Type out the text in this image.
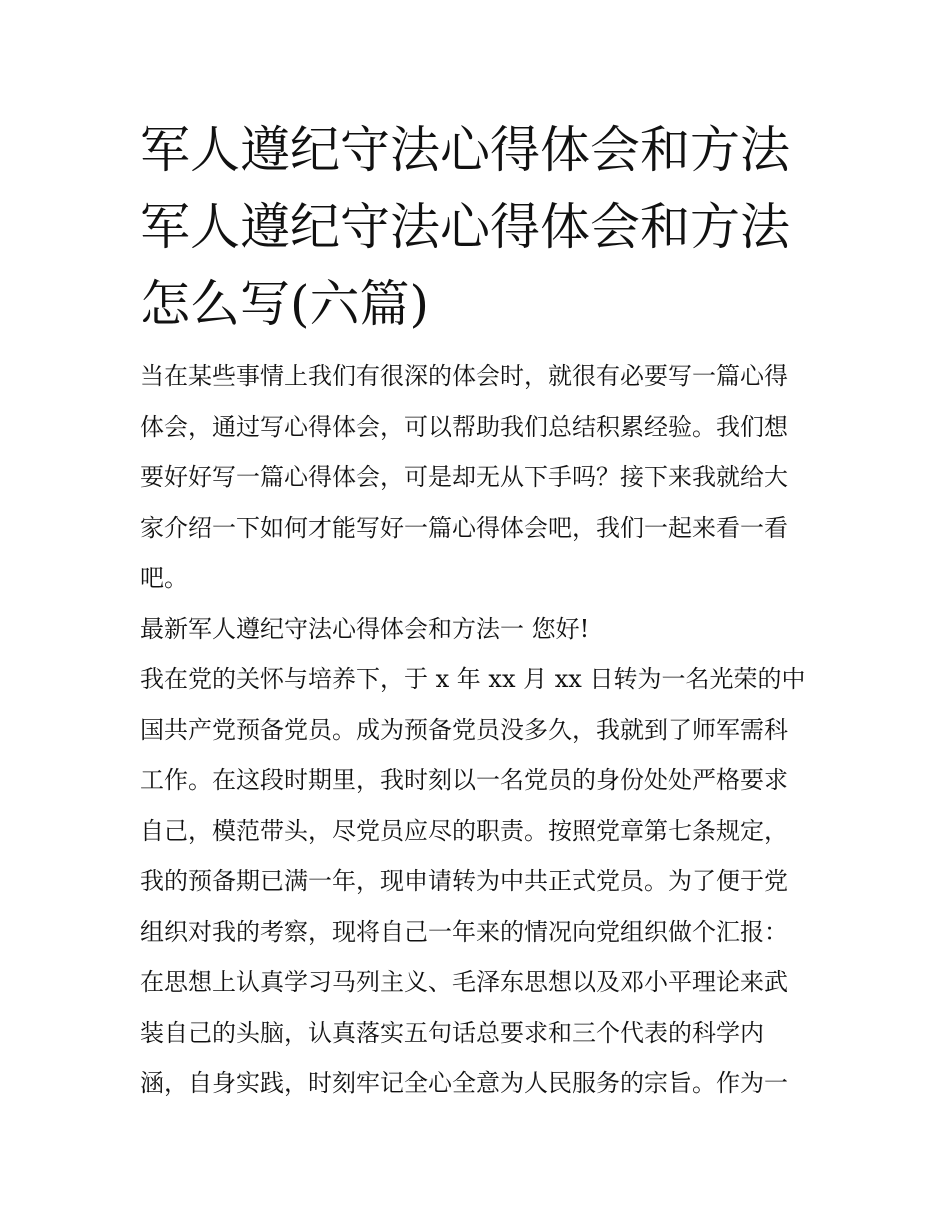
军人遵纪守法心得体会和方法
军人遵纪守法心得体会和方法
怎么写(六篇)

当在某些事情上我们有很深的体会时，就很有必要写一篇心得
体会，通过写心得体会，可以帮助我们总结积累经验。我们想
要好好写一篇心得体会，可是却无从下手吗？接下来我就给大
家介绍一下如何才能写好一篇心得体会吧，我们一起来看一看
吧。

最新军人遵纪守法心得体会和方法一 您好!

我在党的关怀与培养下，于 x 年 xx 月 xx 日转为一名光荣的中
国共产党预备党员。成为预备党员没多久，我就到了师军需科
工作。在这段时期里，我时刻以一名党员的身份处处严格要求
自己，模范带头，尽党员应尽的职责。按照党章第七条规定，
我的预备期已满一年，现申请转为中共正式党员。为了便于党
组织对我的考察，现将自己一年来的情况向党组织做个汇报：
在思想上认真学习马列主义、毛泽东思想以及邓小平理论来武
装自己的头脑，认真落实五句话总要求和三个代表的科学内
涵，自身实践，时刻牢记全心全意为人民服务的宗旨。作为一
